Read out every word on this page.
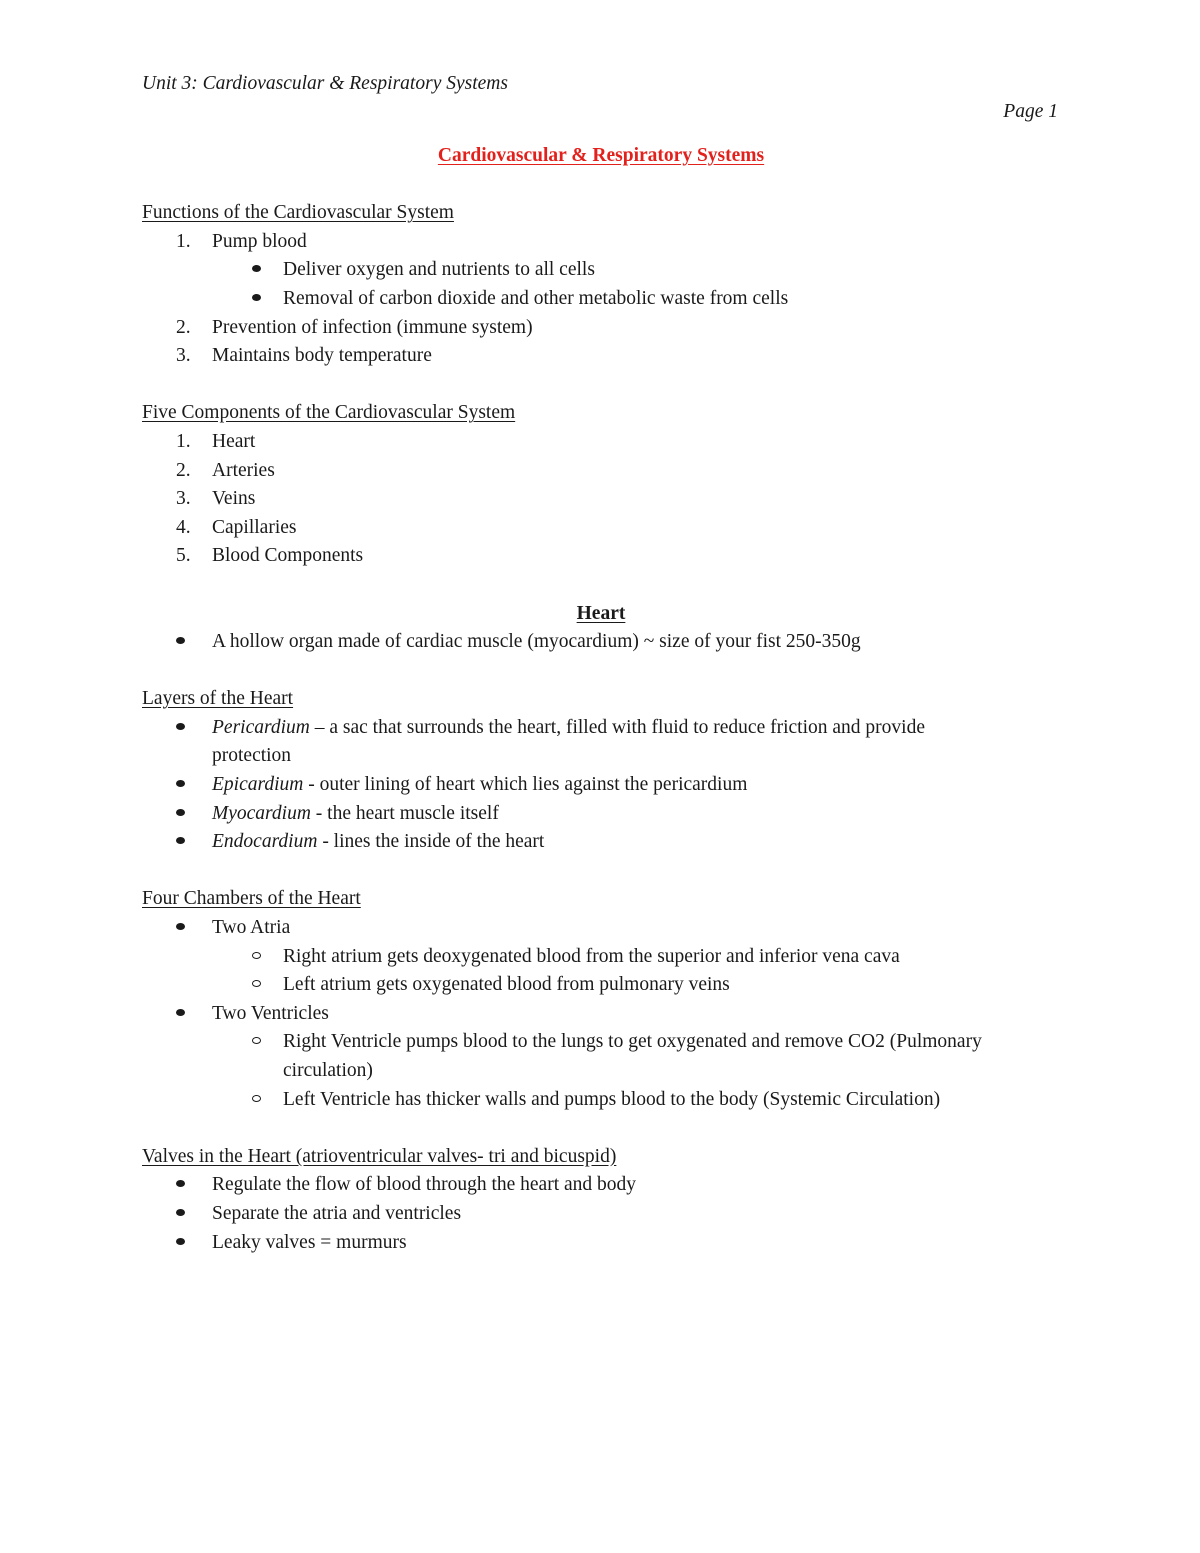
Unit 3: Cardiovascular & Respiratory Systems
Page 1
Cardiovascular & Respiratory Systems
Functions of the Cardiovascular System
1.	Pump blood
Deliver oxygen and nutrients to all cells
Removal of carbon dioxide and other metabolic waste from cells
2.	Prevention of infection (immune system)
3.	Maintains body temperature
Five Components of the Cardiovascular System
1.	Heart
2.	Arteries
3.	Veins
4.	Capillaries
5.	Blood Components
Heart
A hollow organ made of cardiac muscle (myocardium) ~ size of your fist 250-350g
Layers of the Heart
Pericardium – a sac that surrounds the heart, filled with fluid to reduce friction and provide
protection
Epicardium - outer lining of heart which lies against the pericardium
Myocardium - the heart muscle itself
Endocardium - lines the inside of the heart
Four Chambers of the Heart
Two Atria
Right atrium gets deoxygenated blood from the superior and inferior vena cava
Left atrium gets oxygenated blood from pulmonary veins
Two Ventricles
Right Ventricle pumps blood to the lungs to get oxygenated and remove CO2 (Pulmonary
circulation)
Left Ventricle has thicker walls and pumps blood to the body (Systemic Circulation)
Valves in the Heart (atrioventricular valves- tri and bicuspid)
Regulate the flow of blood through the heart and body
Separate the atria and ventricles
Leaky valves = murmurs
